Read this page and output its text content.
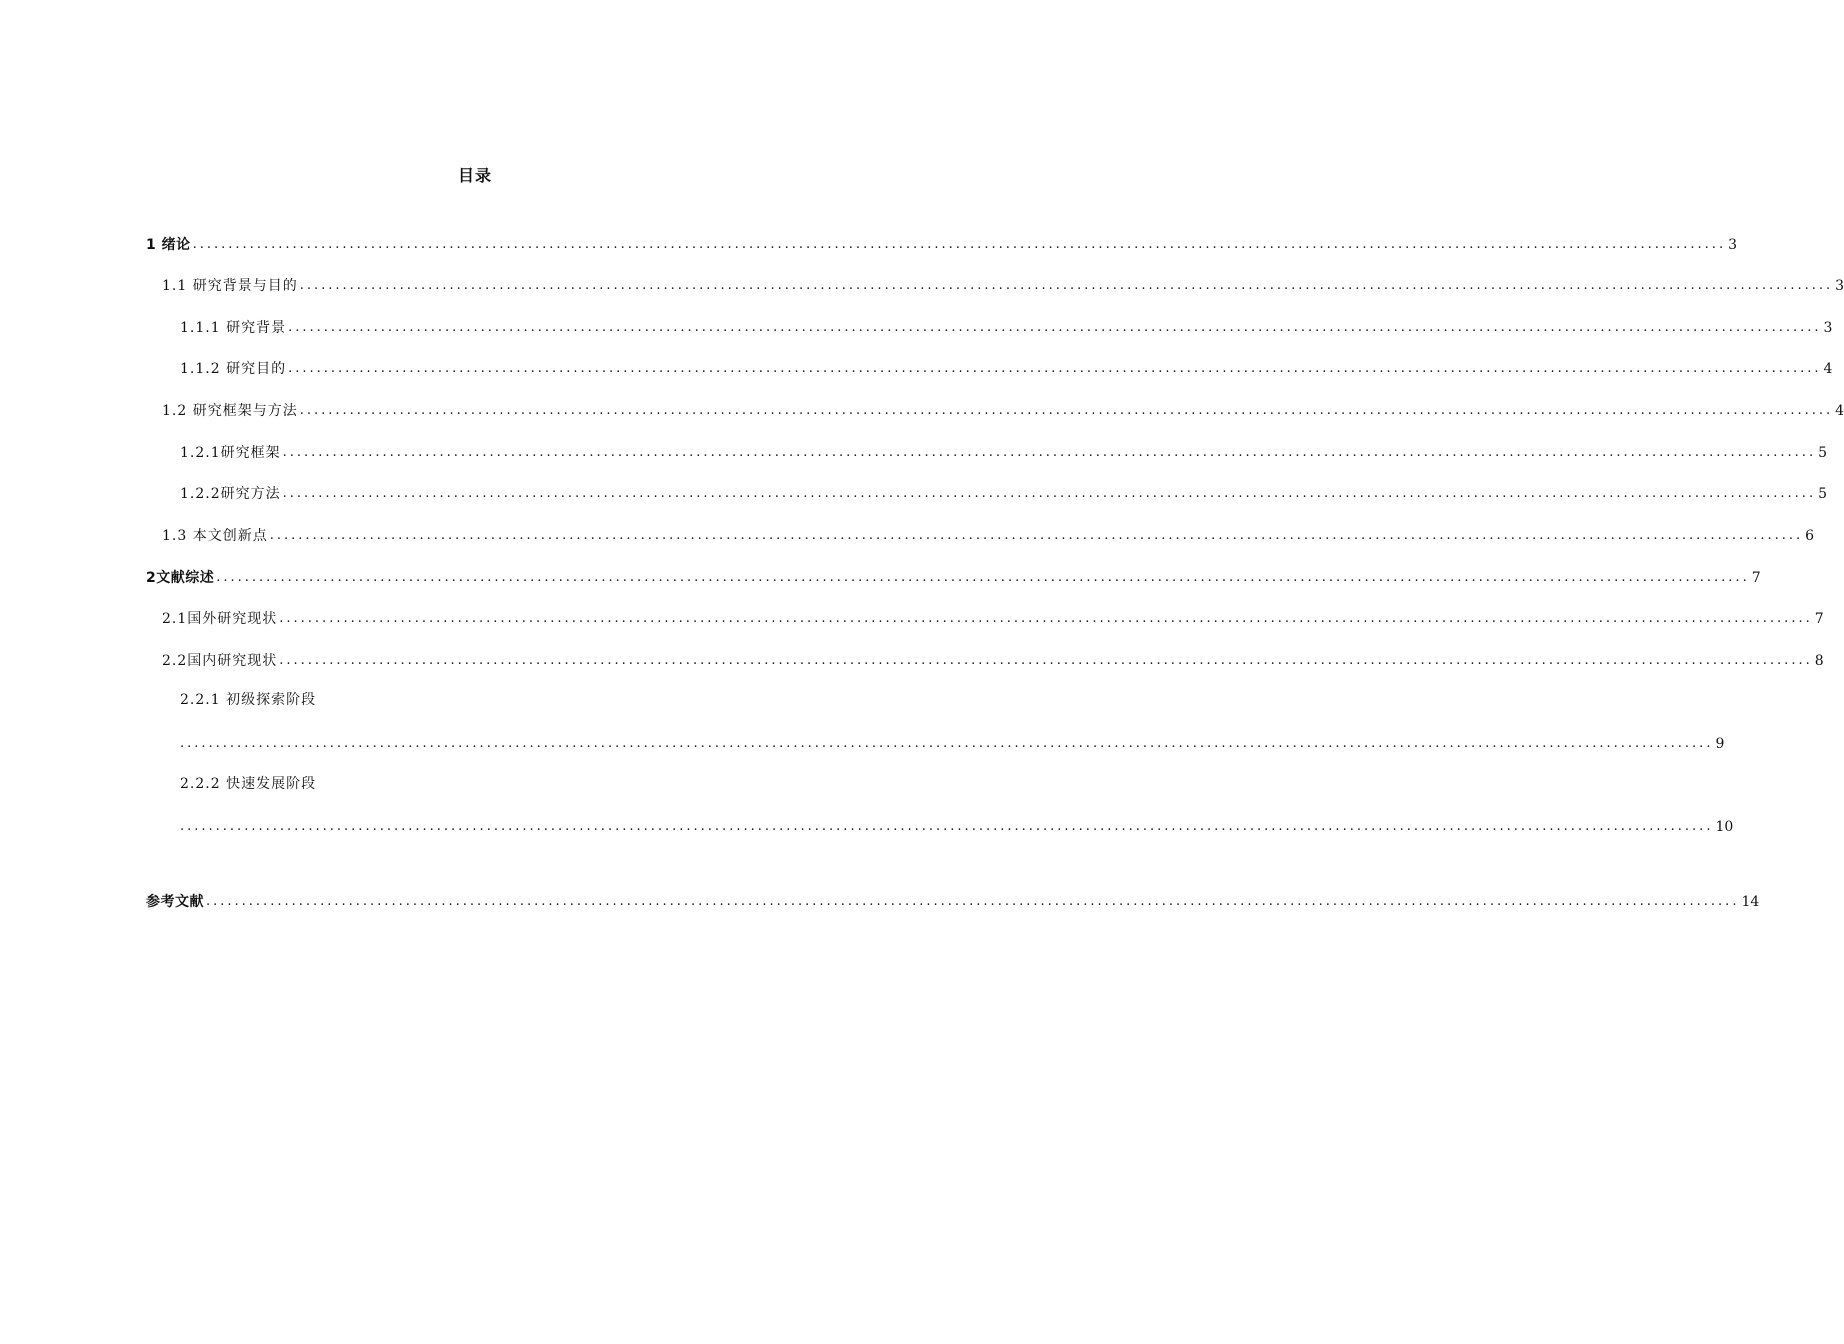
目录
1 绪论 ....................................................................................................................................................................................................................... 3
1.1 研究背景与目的 ....................................................................................................................................................................................................................... 3
1.1.1 研究背景 ....................................................................................................................................................................................................................... 3
1.1.2 研究目的 ....................................................................................................................................................................................................................... 4
1.2 研究框架与方法 ....................................................................................................................................................................................................................... 4
1.2.1研究框架 ....................................................................................................................................................................................................................... 5
1.2.2研究方法 ....................................................................................................................................................................................................................... 5
1.3 本文创新点 ....................................................................................................................................................................................................................... 6
2文献综述 ....................................................................................................................................................................................................................... 7
2.1国外研究现状 ....................................................................................................................................................................................................................... 7
2.2国内研究现状 ....................................................................................................................................................................................................................... 8
2.2.1 初级探索阶段
....................................................................................................................................................................................................................... 9
2.2.2 快速发展阶段
....................................................................................................................................................................................................................... 10
参考文献 ....................................................................................................................................................................................................................... 14
